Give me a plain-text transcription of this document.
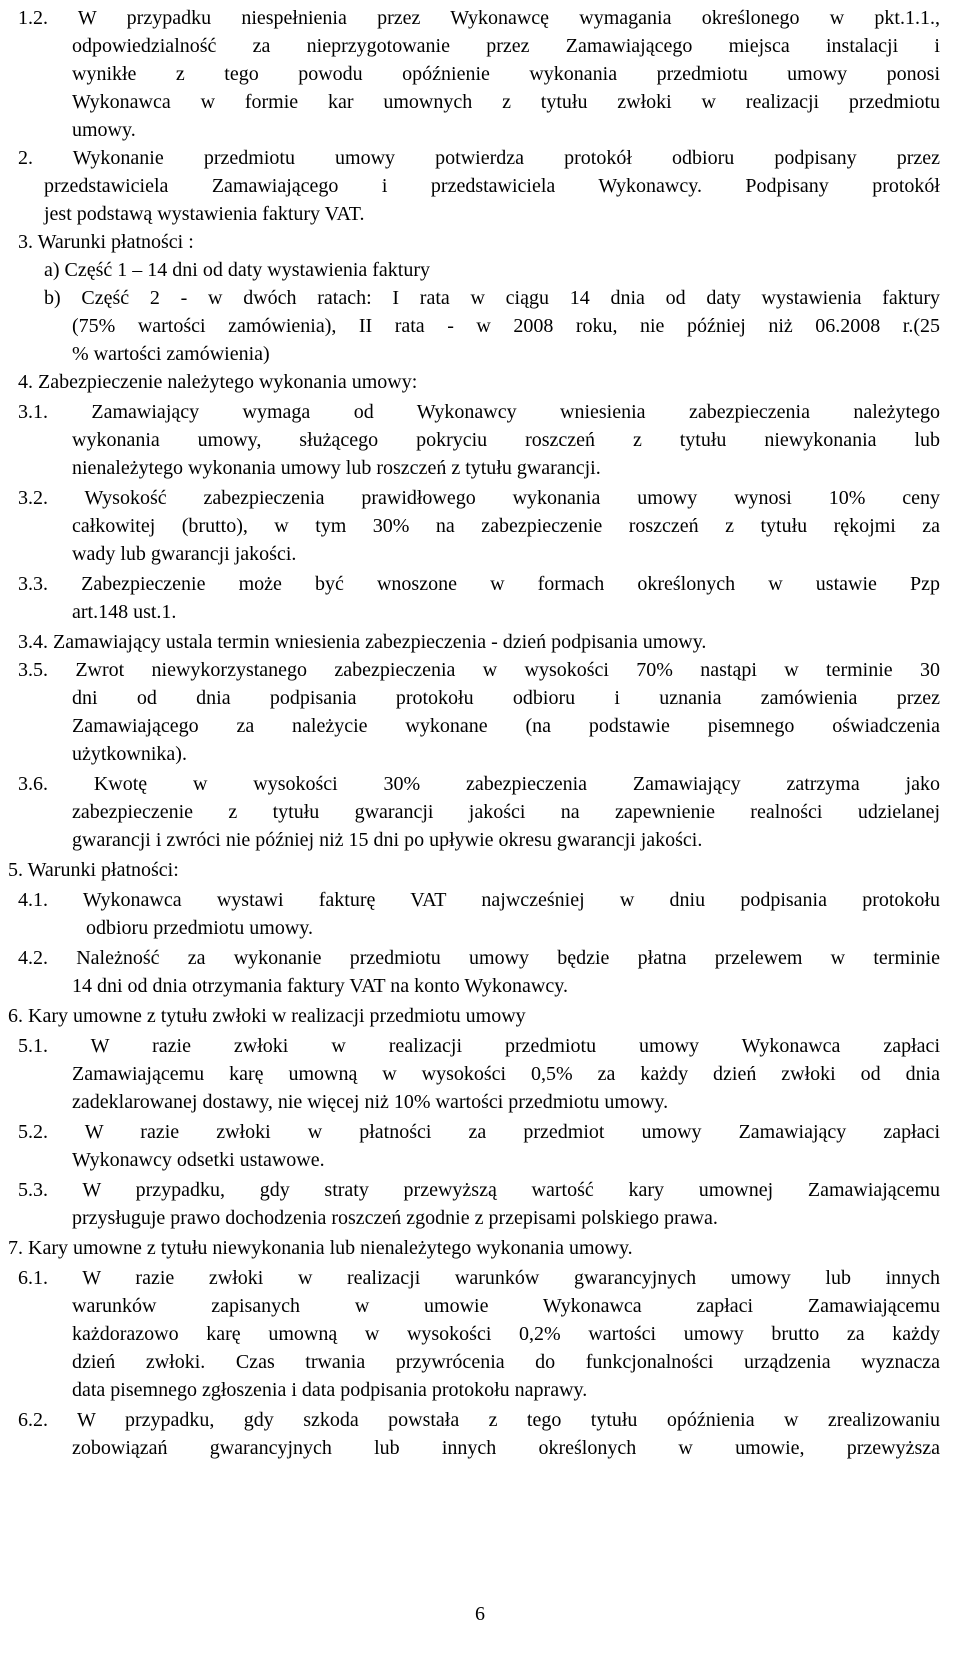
1.2. W przypadku niespełnienia przez Wykonawcę wymagania określonego w pkt.1.1.,
odpowiedzialność za nieprzygotowanie przez Zamawiającego miejsca instalacji i
wynikłe z tego powodu opóźnienie wykonania przedmiotu umowy ponosi
Wykonawca w formie kar umownych z tytułu zwłoki w realizacji przedmiotu
umowy.
2. Wykonanie przedmiotu umowy potwierdza protokół odbioru podpisany przez
przedstawiciela Zamawiającego i przedstawiciela Wykonawcy. Podpisany protokół
jest podstawą wystawienia faktury VAT.
3. Warunki płatności :
a) Część 1 – 14 dni od daty wystawienia faktury
b) Część 2 - w dwóch ratach: I rata w ciągu 14 dnia od daty wystawienia faktury
(75% wartości zamówienia), II rata - w 2008 roku, nie później niż 06.2008 r.(25
% wartości zamówienia)
4. Zabezpieczenie należytego wykonania umowy:
3.1. Zamawiający wymaga od Wykonawcy wniesienia zabezpieczenia należytego
wykonania umowy, służącego pokryciu roszczeń z tytułu niewykonania lub
nienależytego wykonania umowy lub roszczeń z tytułu gwarancji.
3.2. Wysokość zabezpieczenia prawidłowego wykonania umowy wynosi 10% ceny
całkowitej (brutto), w tym 30% na zabezpieczenie roszczeń z tytułu rękojmi za
wady lub gwarancji jakości.
3.3. Zabezpieczenie może być wnoszone w formach określonych w ustawie Pzp
art.148 ust.1.
3.4. Zamawiający ustala termin wniesienia zabezpieczenia - dzień podpisania umowy.
3.5. Zwrot niewykorzystanego zabezpieczenia w wysokości 70% nastąpi w terminie 30
dni od dnia podpisania protokołu odbioru i uznania zamówienia przez
Zamawiającego za należycie wykonane (na podstawie pisemnego oświadczenia
użytkownika).
3.6. Kwotę w wysokości 30% zabezpieczenia Zamawiający zatrzyma jako
zabezpieczenie z tytułu gwarancji jakości na zapewnienie realności udzielanej
gwarancji i zwróci nie później niż 15 dni po upływie okresu gwarancji jakości.
5. Warunki płatności:
4.1. Wykonawca wystawi fakturę VAT najwcześniej w dniu podpisania protokołu
odbioru przedmiotu umowy.
4.2. Należność za wykonanie przedmiotu umowy będzie płatna przelewem w terminie
14 dni od dnia otrzymania faktury VAT na konto Wykonawcy.
6. Kary umowne z tytułu zwłoki w realizacji przedmiotu umowy
5.1. W razie zwłoki w realizacji przedmiotu umowy Wykonawca zapłaci
Zamawiającemu karę umowną w wysokości 0,5% za każdy dzień zwłoki od dnia
zadeklarowanej dostawy, nie więcej niż 10% wartości przedmiotu umowy.
5.2. W razie zwłoki w płatności za przedmiot umowy Zamawiający zapłaci
Wykonawcy odsetki ustawowe.
5.3. W przypadku, gdy straty przewyższą wartość kary umownej Zamawiającemu
przysługuje prawo dochodzenia roszczeń zgodnie z przepisami polskiego prawa.
7. Kary umowne z tytułu niewykonania lub nienależytego wykonania umowy.
6.1. W razie zwłoki w realizacji warunków gwarancyjnych umowy lub innych
warunków zapisanych w umowie Wykonawca zapłaci Zamawiającemu
każdorazowo karę umowną w wysokości 0,2% wartości umowy brutto za każdy
dzień zwłoki. Czas trwania przywrócenia do funkcjonalności urządzenia wyznacza
data pisemnego zgłoszenia i data podpisania protokołu naprawy.
6.2. W przypadku, gdy szkoda powstała z tego tytułu opóźnienia w zrealizowaniu
zobowiązań gwarancyjnych lub innych określonych w umowie, przewyższa
6
